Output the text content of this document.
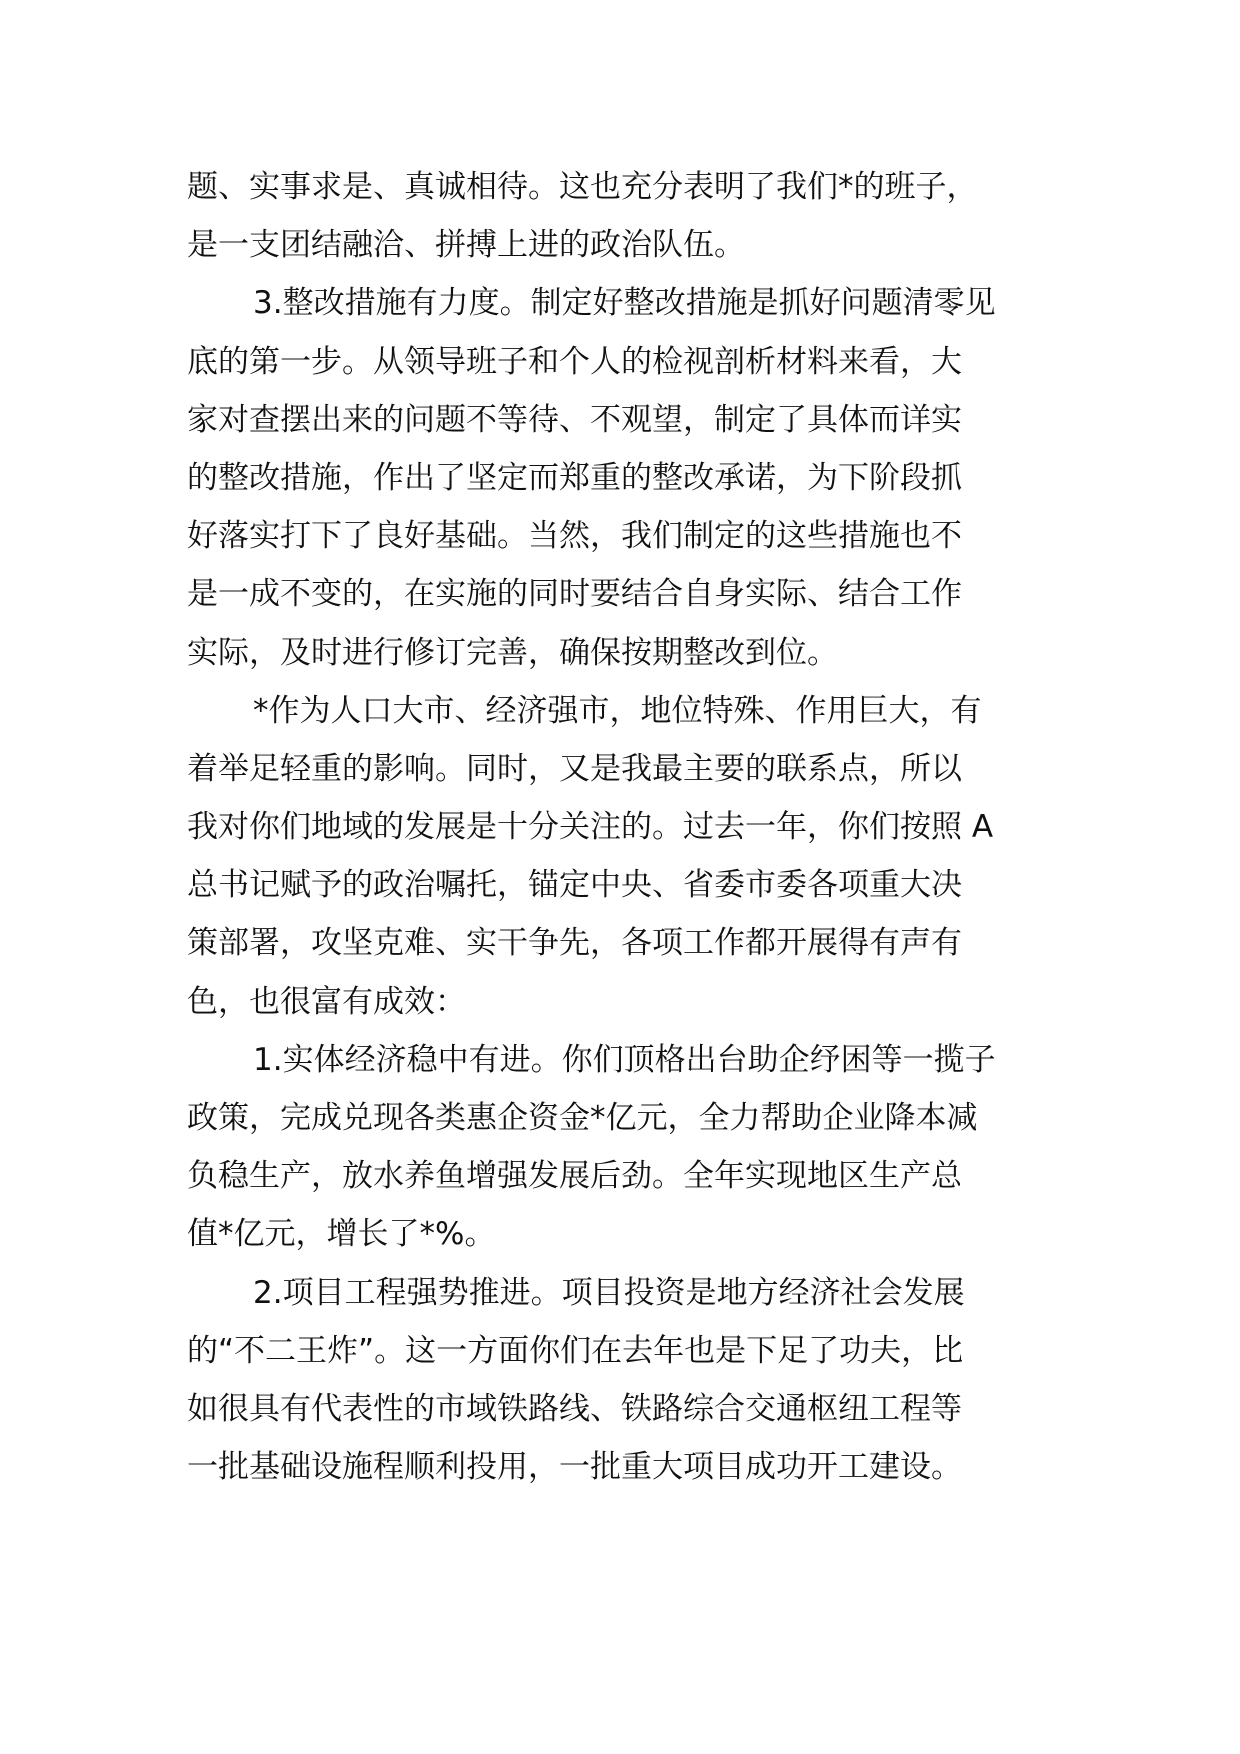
题、实事求是、真诚相待。这也充分表明了我们*的班子，
是一支团结融洽、拼搏上进的政治队伍。
3.整改措施有力度。制定好整改措施是抓好问题清零见
底的第一步。从领导班子和个人的检视剖析材料来看，大
家对查摆出来的问题不等待、不观望，制定了具体而详实
的整改措施，作出了坚定而郑重的整改承诺，为下阶段抓
好落实打下了良好基础。当然，我们制定的这些措施也不
是一成不变的，在实施的同时要结合自身实际、结合工作
实际，及时进行修订完善，确保按期整改到位。
*作为人口大市、经济强市，地位特殊、作用巨大，有
着举足轻重的影响。同时，又是我最主要的联系点，所以
我对你们地域的发展是十分关注的。过去一年，你们按照 A
总书记赋予的政治嘱托，锚定中央、省委市委各项重大决
策部署，攻坚克难、实干争先，各项工作都开展得有声有
色，也很富有成效：
1.实体经济稳中有进。你们顶格出台助企纾困等一揽子
政策，完成兑现各类惠企资金*亿元，全力帮助企业降本减
负稳生产，放水养鱼增强发展后劲。全年实现地区生产总
值*亿元，增长了*%。
2.项目工程强势推进。项目投资是地方经济社会发展
的“不二王炸”。这一方面你们在去年也是下足了功夫，比
如很具有代表性的市域铁路线、铁路综合交通枢纽工程等
一批基础设施程顺利投用，一批重大项目成功开工建设。
